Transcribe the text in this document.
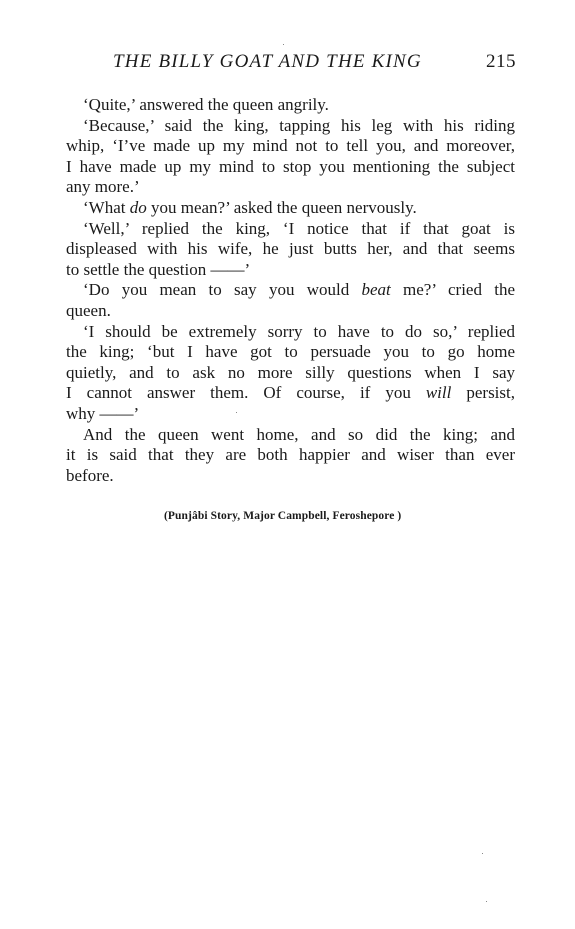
THE BILLY GOAT AND THE KING	215
‘Quite,’ answered the queen angrily.
‘Because,’ said the king, tapping his leg with his riding
whip, ‘I’ve made up my mind not to tell you, and moreover,
I have made up my mind to stop you mentioning the subject
any more.’
‘What do you mean?’ asked the queen nervously.
‘Well,’ replied the king, ‘I notice that if that goat is
displeased with his wife, he just butts her, and that seems
to settle the question ——’
‘Do you mean to say you would beat me?’ cried the
queen.
‘I should be extremely sorry to have to do so,’ replied
the king; ‘but I have got to persuade you to go home
quietly, and to ask no more silly questions when I say
I cannot answer them. Of course, if you will persist,
why ——’
And the queen went home, and so did the king; and
it is said that they are both happier and wiser than ever
before.
(Punjâbi Story, Major Campbell, Feroshepore )
